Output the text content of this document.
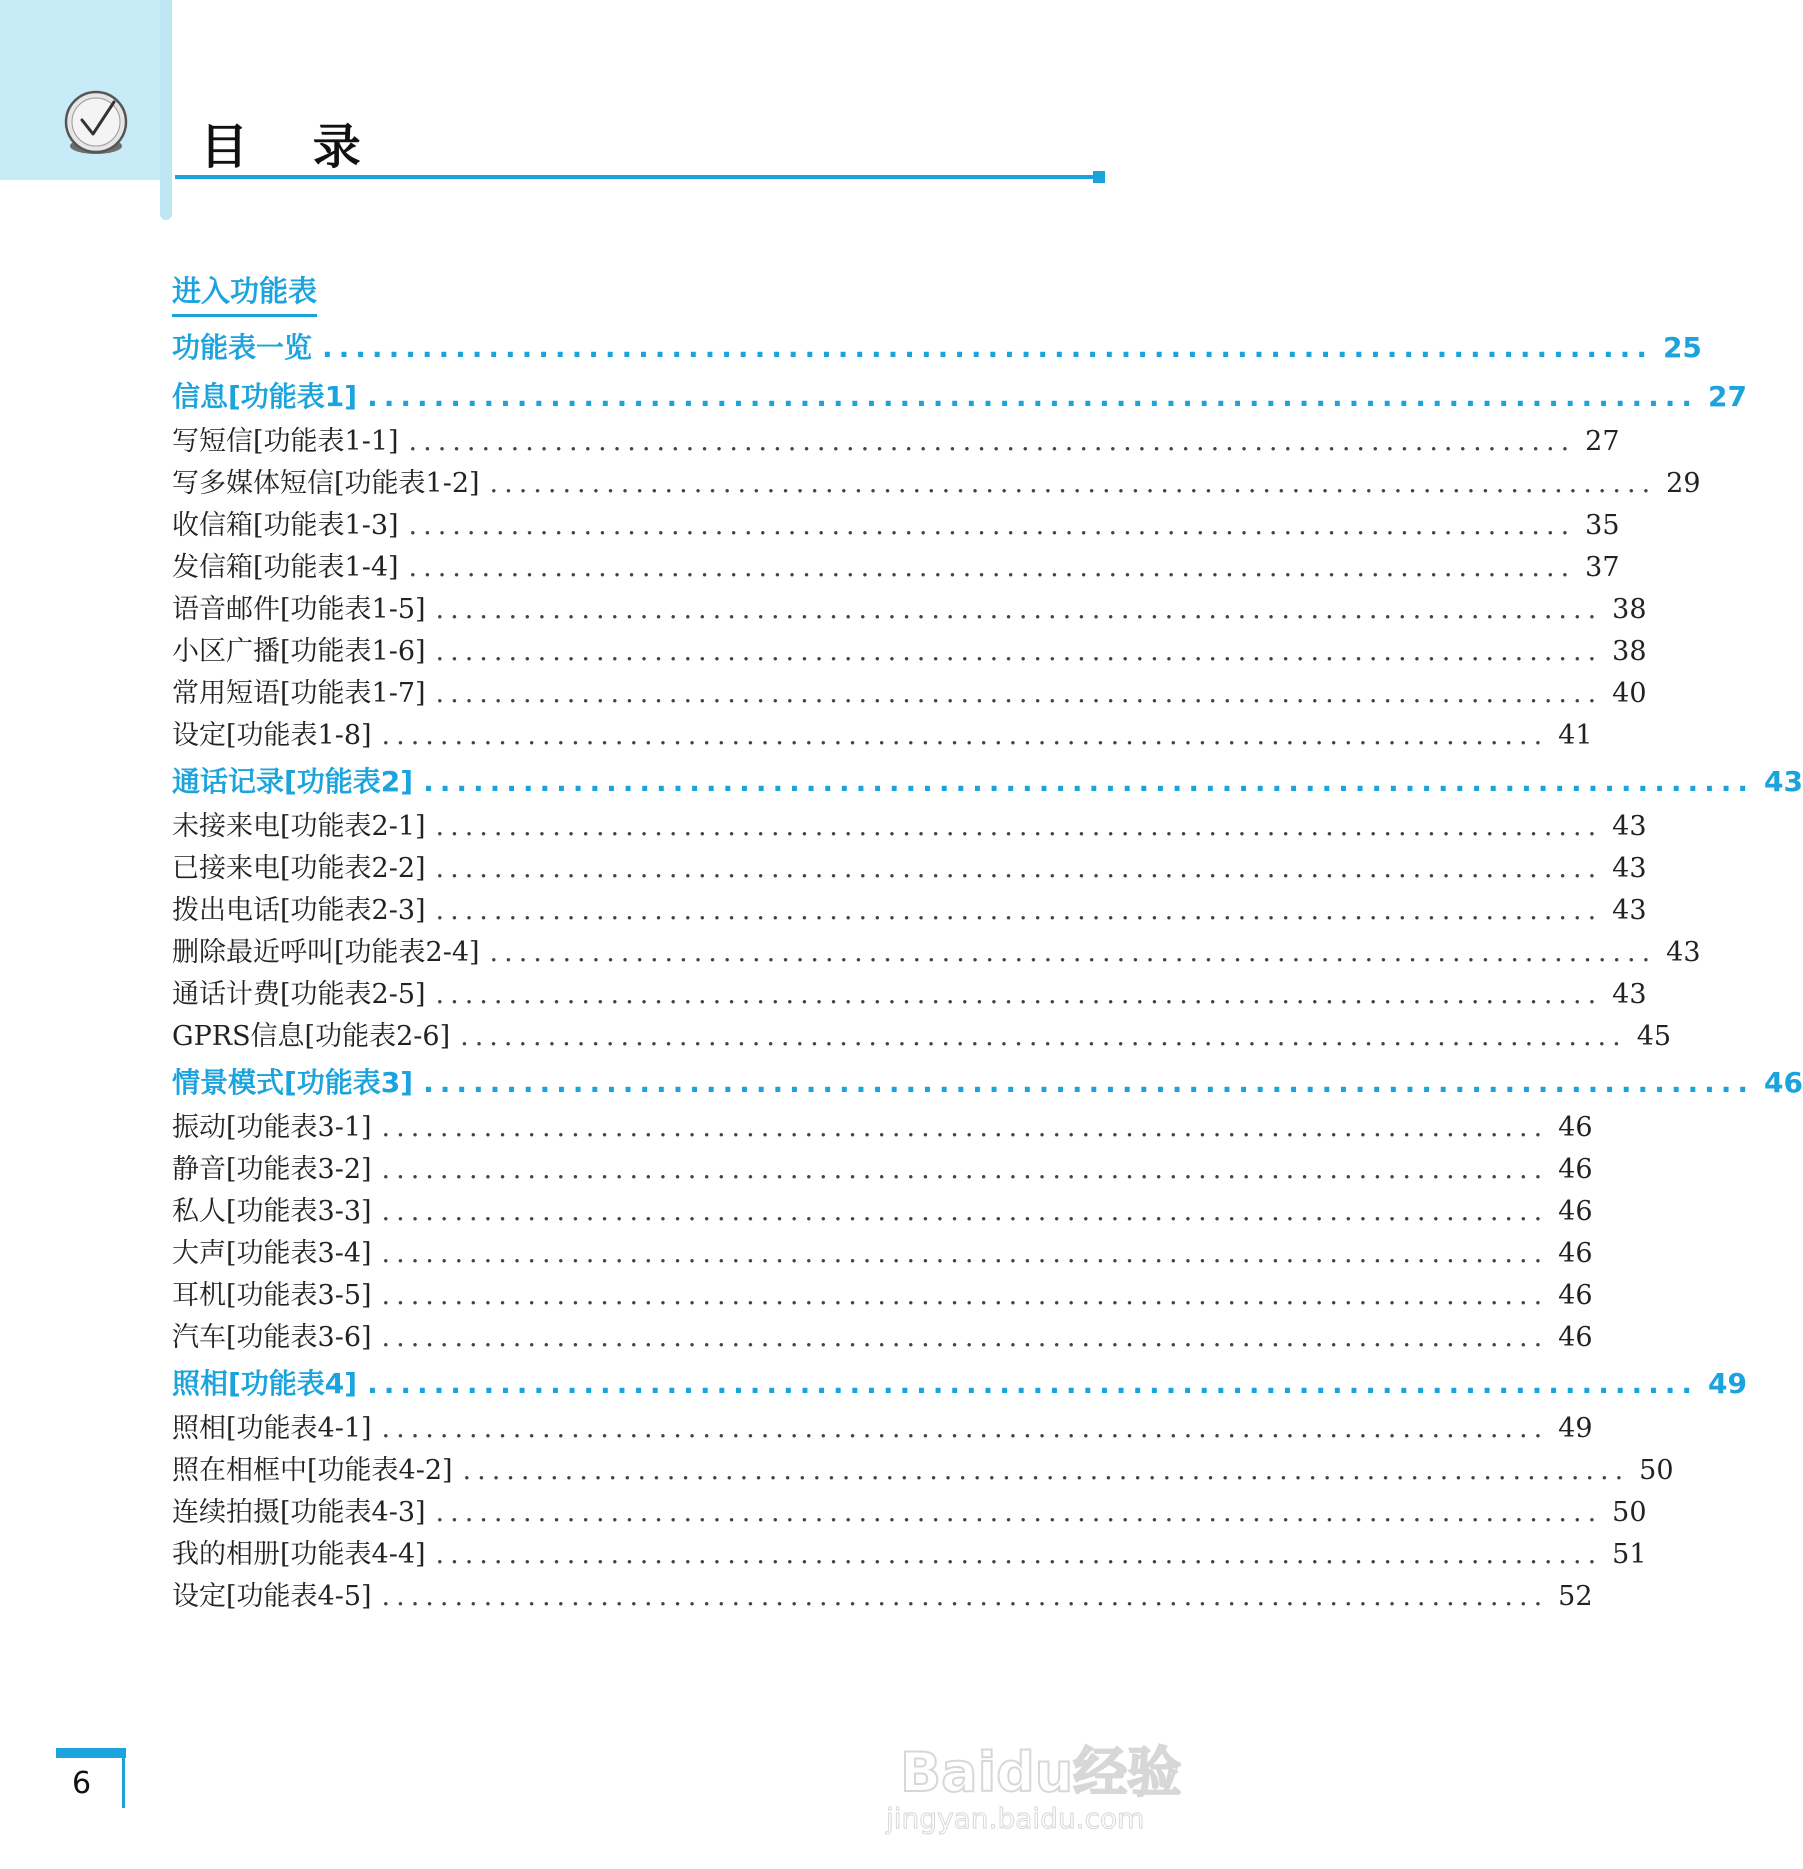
目 录
进入功能表
功能表一览 ................................................................................ 25
信息[功能表1] ................................................................................ 27
写短信[功能表1-1] ................................................................................ 27
写多媒体短信[功能表1-2] ................................................................................ 29
收信箱[功能表1-3] ................................................................................ 35
发信箱[功能表1-4] ................................................................................ 37
语音邮件[功能表1-5] ................................................................................ 38
小区广播[功能表1-6] ................................................................................ 38
常用短语[功能表1-7] ................................................................................ 40
设定[功能表1-8] ................................................................................ 41
通话记录[功能表2] ................................................................................ 43
未接来电[功能表2-1] ................................................................................ 43
已接来电[功能表2-2] ................................................................................ 43
拨出电话[功能表2-3] ................................................................................ 43
删除最近呼叫[功能表2-4] ................................................................................ 43
通话计费[功能表2-5] ................................................................................ 43
GPRS信息[功能表2-6] ................................................................................ 45
情景模式[功能表3] ................................................................................ 46
振动[功能表3-1] ................................................................................ 46
静音[功能表3-2] ................................................................................ 46
私人[功能表3-3] ................................................................................ 46
大声[功能表3-4] ................................................................................ 46
耳机[功能表3-5] ................................................................................ 46
汽车[功能表3-6] ................................................................................ 46
照相[功能表4] ................................................................................ 49
照相[功能表4-1] ................................................................................ 49
照在相框中[功能表4-2] ................................................................................ 50
连续拍摄[功能表4-3] ................................................................................ 50
我的相册[功能表4-4] ................................................................................ 51
设定[功能表4-5] ................................................................................ 52
6	Baidu经验
jingyan.baidu.com
